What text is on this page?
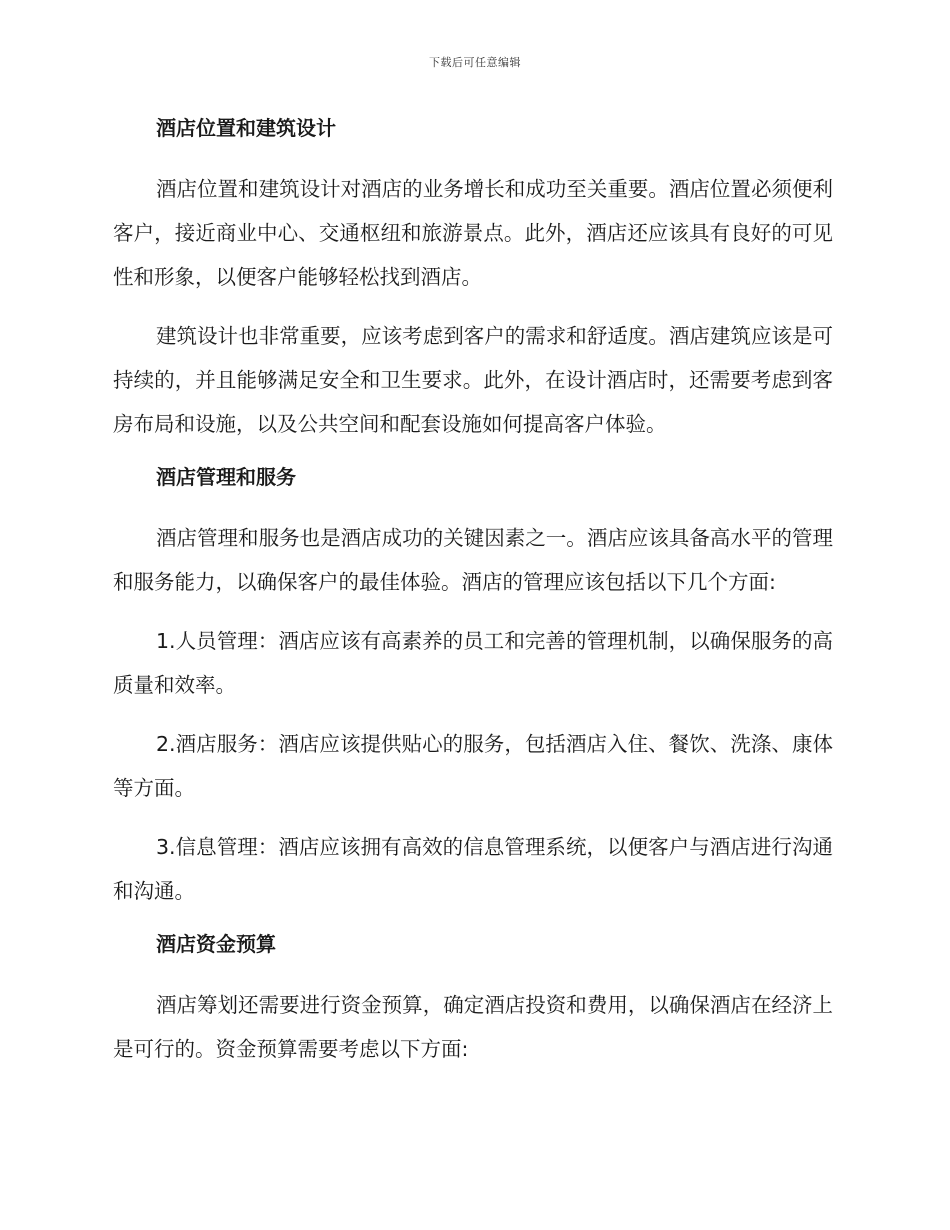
下载后可任意编辑
酒店位置和建筑设计

酒店位置和建筑设计对酒店的业务增长和成功至关重要。酒店位置必须便利客户，接近商业中心、交通枢纽和旅游景点。此外，酒店还应该具有良好的可见性和形象，以便客户能够轻松找到酒店。

建筑设计也非常重要，应该考虑到客户的需求和舒适度。酒店建筑应该是可持续的，并且能够满足安全和卫生要求。此外，在设计酒店时，还需要考虑到客房布局和设施，以及公共空间和配套设施如何提高客户体验。

酒店管理和服务

酒店管理和服务也是酒店成功的关键因素之一。酒店应该具备高水平的管理和服务能力，以确保客户的最佳体验。酒店的管理应该包括以下几个方面:

1.人员管理：酒店应该有高素养的员工和完善的管理机制，以确保服务的高质量和效率。

2.酒店服务：酒店应该提供贴心的服务，包括酒店入住、餐饮、洗涤、康体等方面。

3.信息管理：酒店应该拥有高效的信息管理系统，以便客户与酒店进行沟通和沟通。

酒店资金预算

酒店筹划还需要进行资金预算，确定酒店投资和费用，以确保酒店在经济上是可行的。资金预算需要考虑以下方面:
